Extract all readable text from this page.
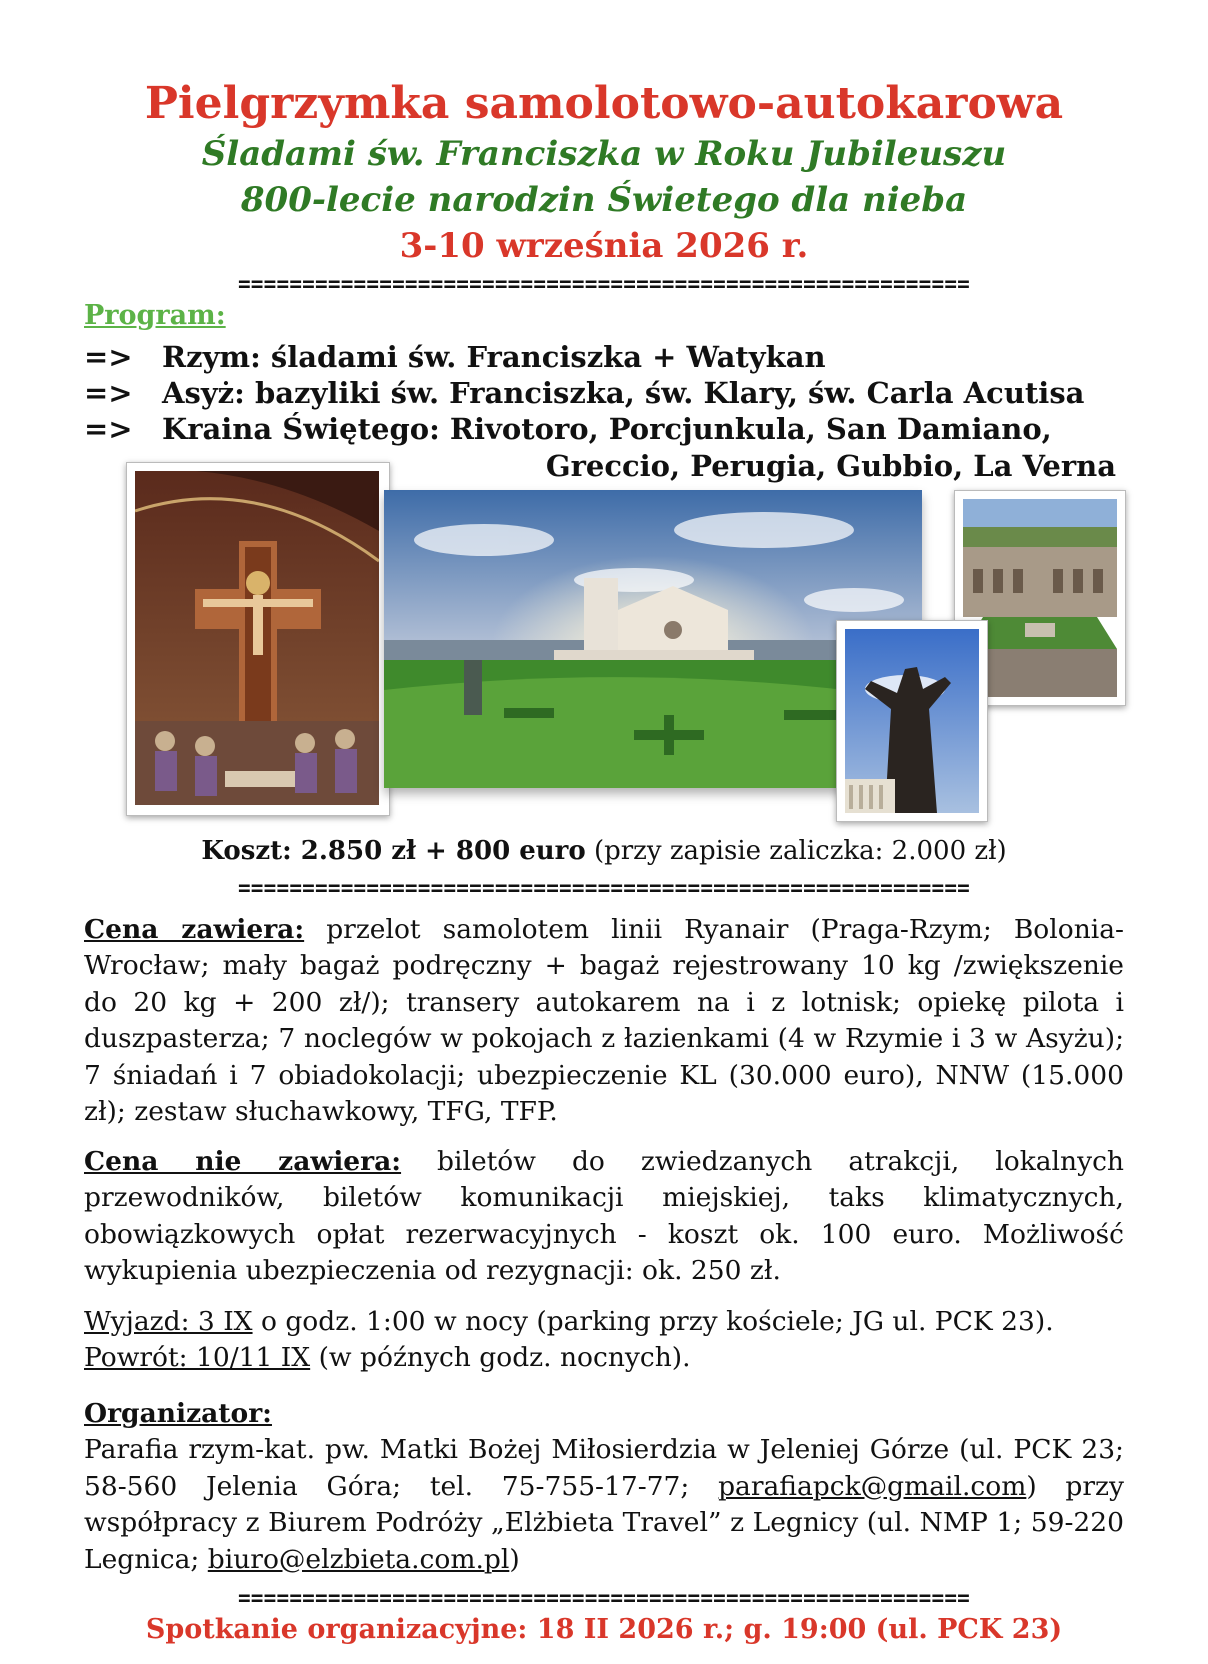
Pielgrzymka samolotowo-autokarowa
Śladami św. Franciszka w Roku Jubileuszu
800-lecie narodzin Świetego dla nieba
3-10 września 2026 r.
=========================================================
Program:
=> Rzym: śladami św. Franciszka + Watykan
=> Asyż: bazyliki św. Franciszka, św. Klary, św. Carla Acutisa
=> Kraina Świętego: Rivotoro, Porcjunkula, San Damiano,
Greccio, Perugia, Gubbio, La Verna
Koszt: 2.850 zł + 800 euro (przy zapisie zaliczka: 2.000 zł)
=========================================================
Cena zawiera: przelot samolotem linii Ryanair (Praga-Rzym; Bolonia-Wrocław; mały bagaż podręczny + bagaż rejestrowany 10 kg /zwiększenie do 20 kg + 200 zł/); transery autokarem na i z lotnisk; opiekę pilota i duszpasterza; 7 noclegów w pokojach z łazienkami (4 w Rzymie i 3 w Asyżu); 7 śniadań i 7 obiadokolacji; ubezpieczenie KL (30.000 euro), NNW (15.000 zł); zestaw słuchawkowy, TFG, TFP.
Cena nie zawiera: biletów do zwiedzanych atrakcji, lokalnych przewodników, biletów komunikacji miejskiej, taks klimatycznych, obowiązkowych opłat rezerwacyjnych - koszt ok. 100 euro. Możliwość wykupienia ubezpieczenia od rezygnacji: ok. 250 zł.
Wyjazd: 3 IX o godz. 1:00 w nocy (parking przy kościele; JG ul. PCK 23).
Powrót: 10/11 IX (w późnych godz. nocnych).
Organizator:
Parafia rzym-kat. pw. Matki Bożej Miłosierdzia w Jeleniej Górze (ul. PCK 23; 58-560 Jelenia Góra; tel. 75-755-17-77; parafiapck@gmail.com) przy współpracy z Biurem Podróży „Elżbieta Travel” z Legnicy (ul. NMP 1; 59-220 Legnica; biuro@elzbieta.com.pl)
=========================================================
Spotkanie organizacyjne: 18 II 2026 r.; g. 19:00 (ul. PCK 23)
